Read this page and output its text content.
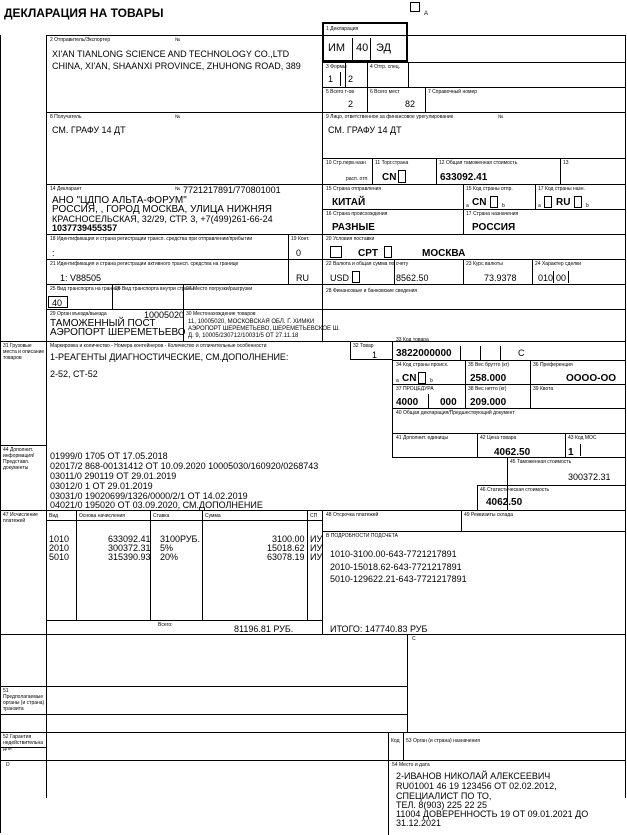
ДЕКЛАРАЦИЯ НА ТОВАРЫ	A
1 Декларация
ИМ 40 ЭД
2 Отправитель/Экспортер	№
XI'AN TIANLONG SCIENCE AND TECHNOLOGY CO.,LTD
CHINA, XI'AN, SHAANXI PROVINCE, ZHUHONG ROAD, 389	3 Формы
1 2
4 Отгр. спец.
5 Всего т-ов
2
6 Всего мест
82
7 Справочный номер
8 Получатель	№
СМ. ГРАФУ 14 ДТ
9 Лицо, ответственное за финансовое урегулирование	№
СМ. ГРАФУ 14 ДТ
10 Стр.перв.назн
расп. отп.
11 Торг.страна
CN
12 Общая таможенная стоимость
633092.41
13
14 Декларант	№ 7721217891/770801001
АНО "ЦДПО АЛЬТА-ФОРУМ"
РОССИЯ, , ГОРОД МОСКВА, УЛИЦА НИЖНЯЯ
КРАСНОСЕЛЬСКАЯ, 32/29, СТР. 3, +7(499)261-66-24
1037739455357
15 Страна отправления
КИТАЙ
15 Код страны отпр.
a CN	b
17 Код страны назн.
a RU	b
16 Страна происхождения
РАЗНЫЕ
17 Страна назначения
РОССИЯ
18 Идентификация и страна регистрации трансп. средства при отправлении/прибытии
:
19 Конт.
0
20 Условия поставки
CPT	МОСКВА
21 Идентификация и страна регистрации активного трансп. средства на границе
1: V88505	RU
22 Валюта и общая сумма по счету
USD	8562.50
23 Курс валюты
73.9378
24 Характер сделки
010 00
25 Вид транспорта на границе
40
26 Вид транспорта внутри страны
27 Место погрузки/разгрузки	28 Финансовые и банковские сведения
29 Орган въезда/выезда	10005020
ТАМОЖЕННЫЙ ПОСТ
АЭРОПОРТ ШЕРЕМЕТЬЕВО
30 Местонахождение товаров
11, 10005020, МОСКОВСКАЯ ОБЛ. Г. ХИМКИ
АЭРОПОРТ ШЕРЕМЕТЬЕВО, ШЕРЕМЕТЬЕВСКОЕ Ш.
Д. 9, 10005/230712/10031/5 ОТ 27.11.18
31 Грузовые места и описание товаров
Маркировка и количество - Номера контейнеров - Количество и отличительные особенности
1-РЕАГЕНТЫ ДИАГНОСТИЧЕСКИЕ, СМ.ДОПОЛНЕНИЕ:
2-52, СТ-52
32 Товар
1
33 Код товара
3822000000	C
34 Код страны происх.
a CN	b
35 Вес брутто (кг)
258.000
36 Преференция
ОООО-ОО
37 ПРОЦЕДУРА
4000 000
38 Вес нетто (кг)
209.000
39 Квота
40 Общая декларация/Предшествующий документ
41 Дополнит. единицы	42 Цена товара
4062.50
43 Код МОС
1
44 Дополнит. информация/ Представл. документы
01999/0 1705 ОТ 17.05.2018
02017/2 868-00131412 ОТ 10.09.2020 10005030/160920/0268743
03011/0 290119 ОТ 29.01.2019
03012/0 1 ОТ 29.01.2019
03031/0 19020699/1326/0000/2/1 ОТ 14.02.2019
04021/0 195020 ОТ 03.09.2020, СМ.ДОПОЛНЕНИЕ
45 Таможенная стоимость
300372.31
46 Статистическая стоимость
4062.50
47 Исчисление платежей
Вид	Основа начисления	Ставка	Сумма	СП
1010	633092.41 3100РУБ.	3100.00 ИУ
2010	300372.31 5%	15018.62 ИУ
5010	315390.93 20%	63078.19 ИУ
Всего:	81196.81 РУБ.
48 Отсрочка платежей	49 Реквизиты склада
B ПОДРОБНОСТИ ПОДСЧЕТА
1010-3100.00-643-7721217891
2010-15018.62-643-7721217891
5010-129622.21-643-7721217891
ИТОГО: 147740.83 РУБ
C
51 Предполагаемые органы (и страна) транзита
52 Гарантия недействительна для
Код 53 Орган (и страна) назначения
D	54 Место и дата
2-ИВАНОВ НИКОЛАЙ АЛЕКСЕЕВИЧ
RU01001 46 19 123456 ОТ 02.02.2012,
СПЕЦИАЛИСТ ПО ТО,
ТЕЛ. 8(903) 225 22 25
11004 ДОВЕРЕННОСТЬ 19 ОТ 09.01.2021 ДО
31.12.2021
